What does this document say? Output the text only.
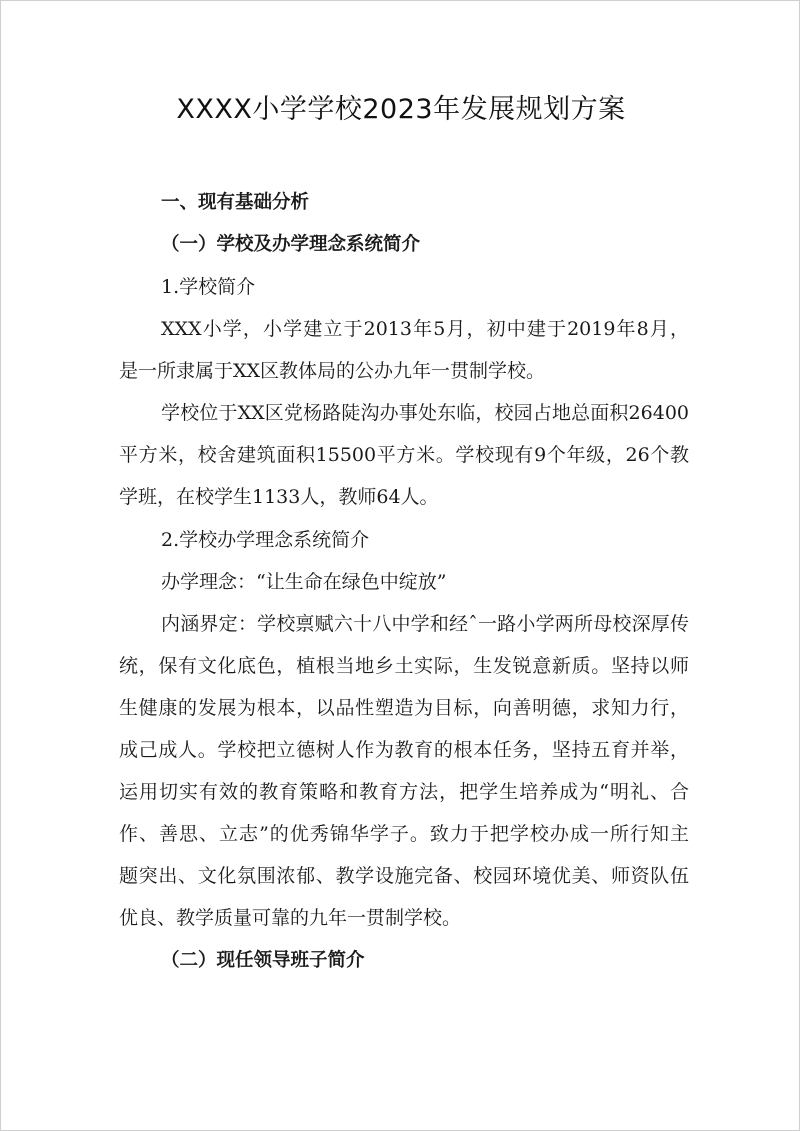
XXXX小学学校2023年发展规划方案
一、现有基础分析
（一）学校及办学理念系统简介
1.学校简介
XXX小学，小学建立于2013年5月，初中建于2019年8月，
是一所隶属于XX区教体局的公办九年一贯制学校。
学校位于XX区党杨路陡沟办事处东临，校园占地总面积26400
平方米，校舍建筑面积15500平方米。学校现有9个年级，26个教
学班，在校学生1133人，教师64人。
2.学校办学理念系统简介
办学理念：“让生命在绿色中绽放”
内涵界定：学校禀赋六十八中学和经ˆ一路小学两所母校深厚传
统，保有文化底色，植根当地乡土实际，生发锐意新质。坚持以师
生健康的发展为根本，以品性塑造为目标，向善明德，求知力行，
成己成人。学校把立德树人作为教育的根本任务，坚持五育并举，
运用切实有效的教育策略和教育方法，把学生培养成为“明礼、合
作、善思、立志”的优秀锦华学子。致力于把学校办成一所行知主
题突出、文化氛围浓郁、教学设施完备、校园环境优美、师资队伍
优良、教学质量可靠的九年一贯制学校。
（二）现任领导班子简介
